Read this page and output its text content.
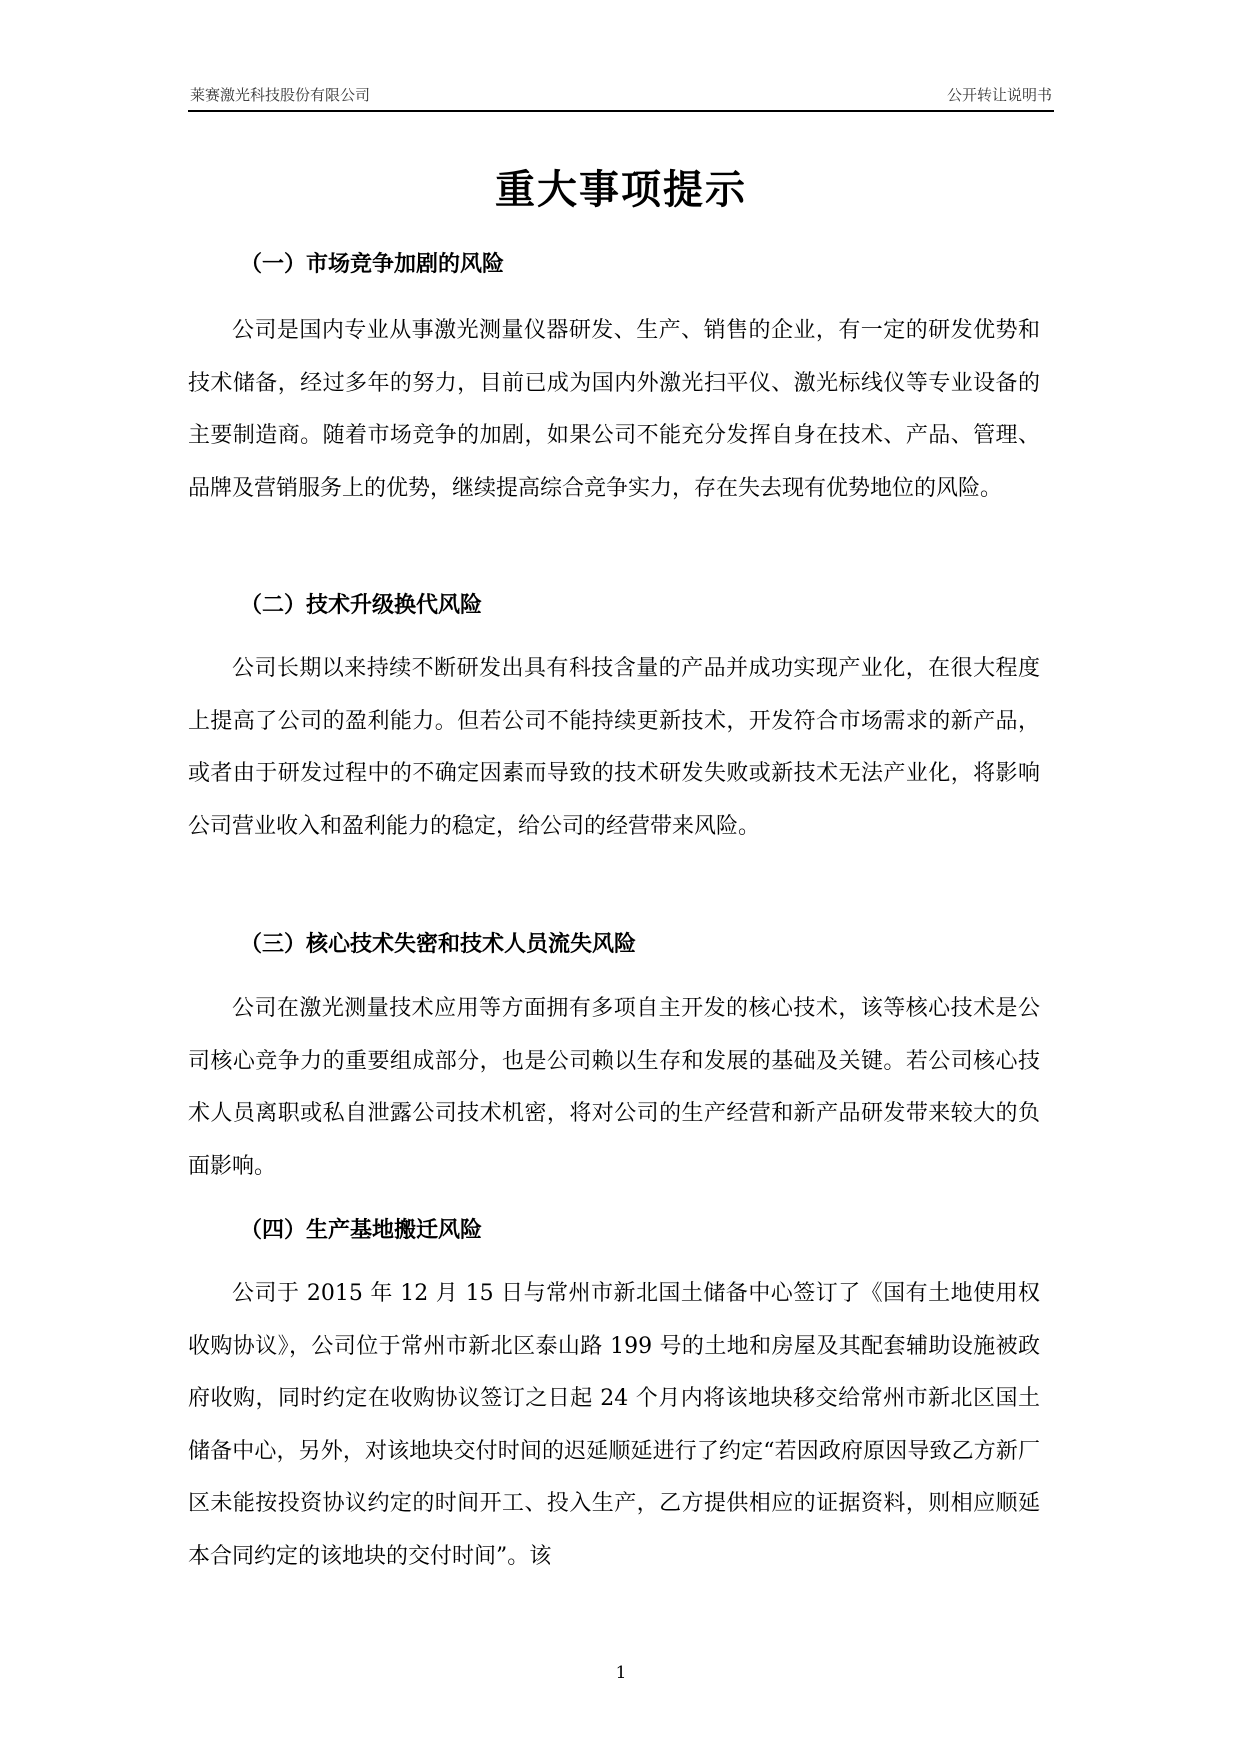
莱赛激光科技股份有限公司	公开转让说明书
重大事项提示
（一）市场竞争加剧的风险

公司是国内专业从事激光测量仪器研发、生产、销售的企业，有一定的研发优势和技术储备，经过多年的努力，目前已成为国内外激光扫平仪、激光标线仪等专业设备的主要制造商。随着市场竞争的加剧，如果公司不能充分发挥自身在技术、产品、管理、品牌及营销服务上的优势，继续提高综合竞争实力，存在失去现有优势地位的风险。

（二）技术升级换代风险

公司长期以来持续不断研发出具有科技含量的产品并成功实现产业化，在很大程度上提高了公司的盈利能力。但若公司不能持续更新技术，开发符合市场需求的新产品，或者由于研发过程中的不确定因素而导致的技术研发失败或新技术无法产业化，将影响公司营业收入和盈利能力的稳定，给公司的经营带来风险。

（三）核心技术失密和技术人员流失风险

公司在激光测量技术应用等方面拥有多项自主开发的核心技术，该等核心技术是公司核心竞争力的重要组成部分，也是公司赖以生存和发展的基础及关键。若公司核心技术人员离职或私自泄露公司技术机密，将对公司的生产经营和新产品研发带来较大的负面影响。

（四）生产基地搬迁风险

公司于 2015 年 12 月 15 日与常州市新北国土储备中心签订了《国有土地使用权收购协议》，公司位于常州市新北区泰山路 199 号的土地和房屋及其配套辅助设施被政府收购，同时约定在收购协议签订之日起 24 个月内将该地块移交给常州市新北区国土储备中心，另外，对该地块交付时间的迟延顺延进行了约定“若因政府原因导致乙方新厂区未能按投资协议约定的时间开工、投入生产，乙方提供相应的证据资料，则相应顺延本合同约定的该地块的交付时间”。该

1
